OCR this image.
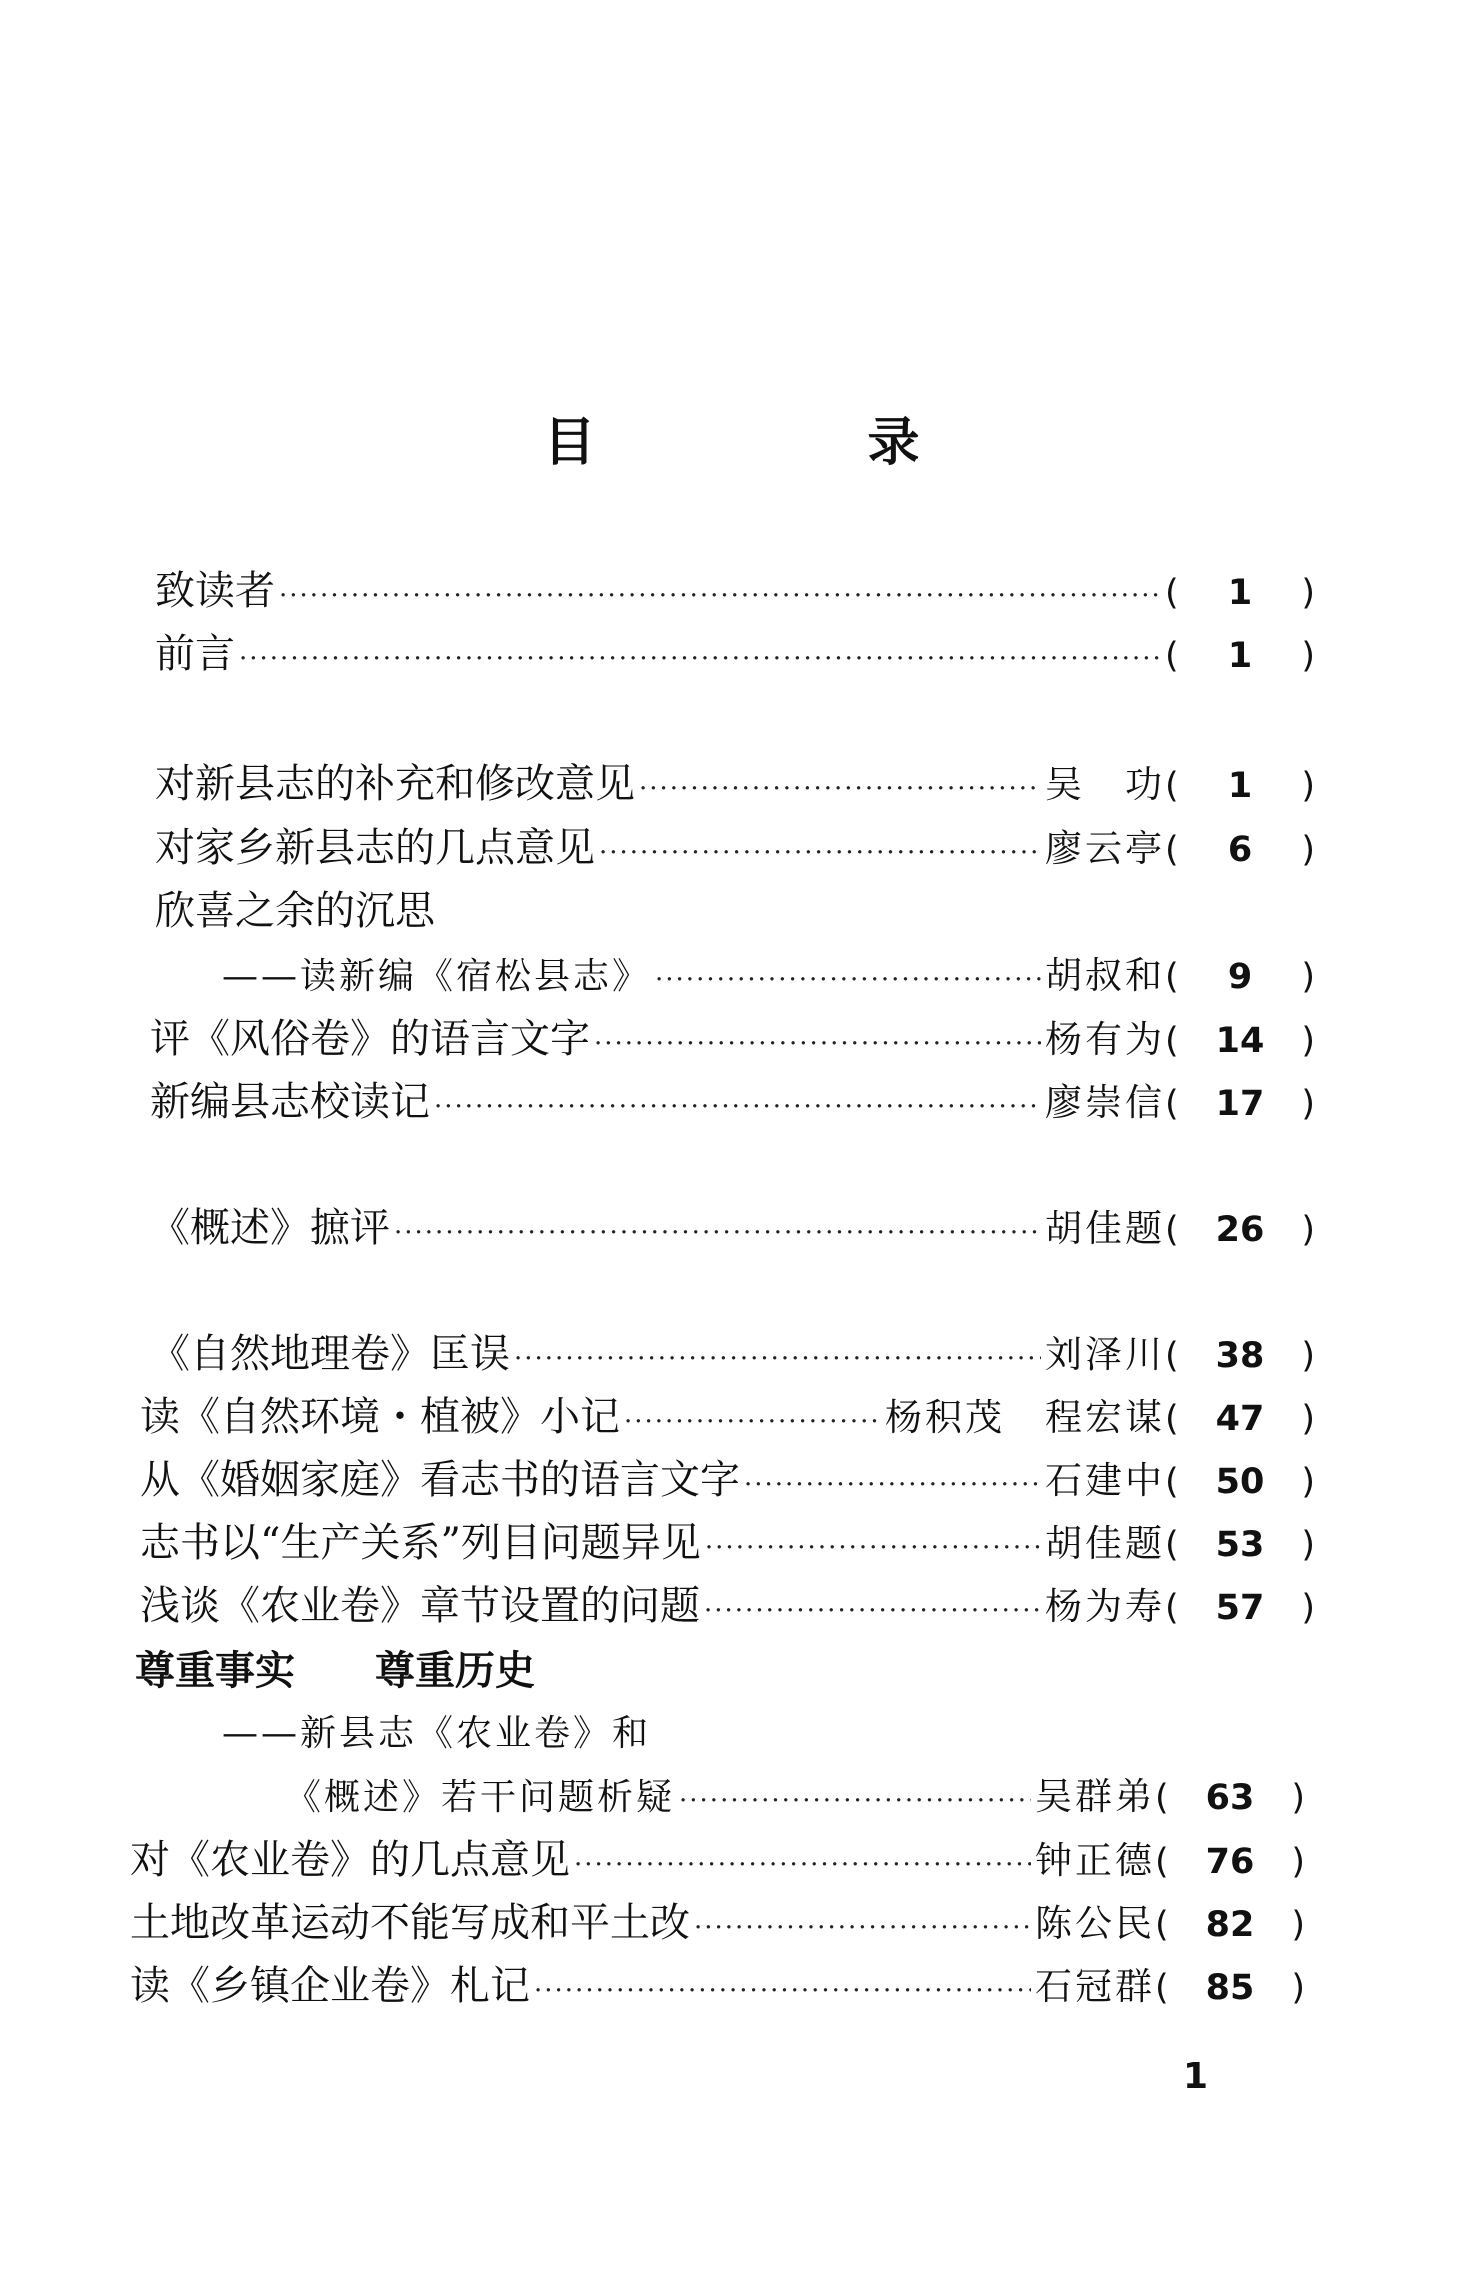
目　录
致读者 ·····	(	1	)
前言 ·····	(	1	)
对新县志的补充和修改意见 ·····	吴　功 (	1	)
对家乡新县志的几点意见 ·····	廖云亭 (	6	)
欣喜之余的沉思
——读新编《宿松县志》 ·····	胡叔和 (	9	)
评《风俗卷》的语言文字 ·····	杨有为 (	14	)
新编县志校读记 ·····	廖崇信 (	17	)
《概述》摭评 ·····	胡佳题 (	26	)
《自然地理卷》匡误 ·····	刘泽川 (	38	)
读《自然环境・植被》小记 ·····	杨积茂　程宏谋 (	47	)
从《婚姻家庭》看志书的语言文字 ·····	石建中 (	50	)
志书以“生产关系”列目问题异见 ·····	胡佳题 (	53	)
浅谈《农业卷》章节设置的问题 ·····	杨为寿 (	57	)
尊重事实　　尊重历史
——新县志《农业卷》和
《概述》若干问题析疑 ·····	吴群弟 (	63	)
对《农业卷》的几点意见 ·····	钟正德 (	76	)
土地改革运动不能写成和平土改 ·····	陈公民 (	82	)
读《乡镇企业卷》札记 ·····	石冠群 (	85	)
1
